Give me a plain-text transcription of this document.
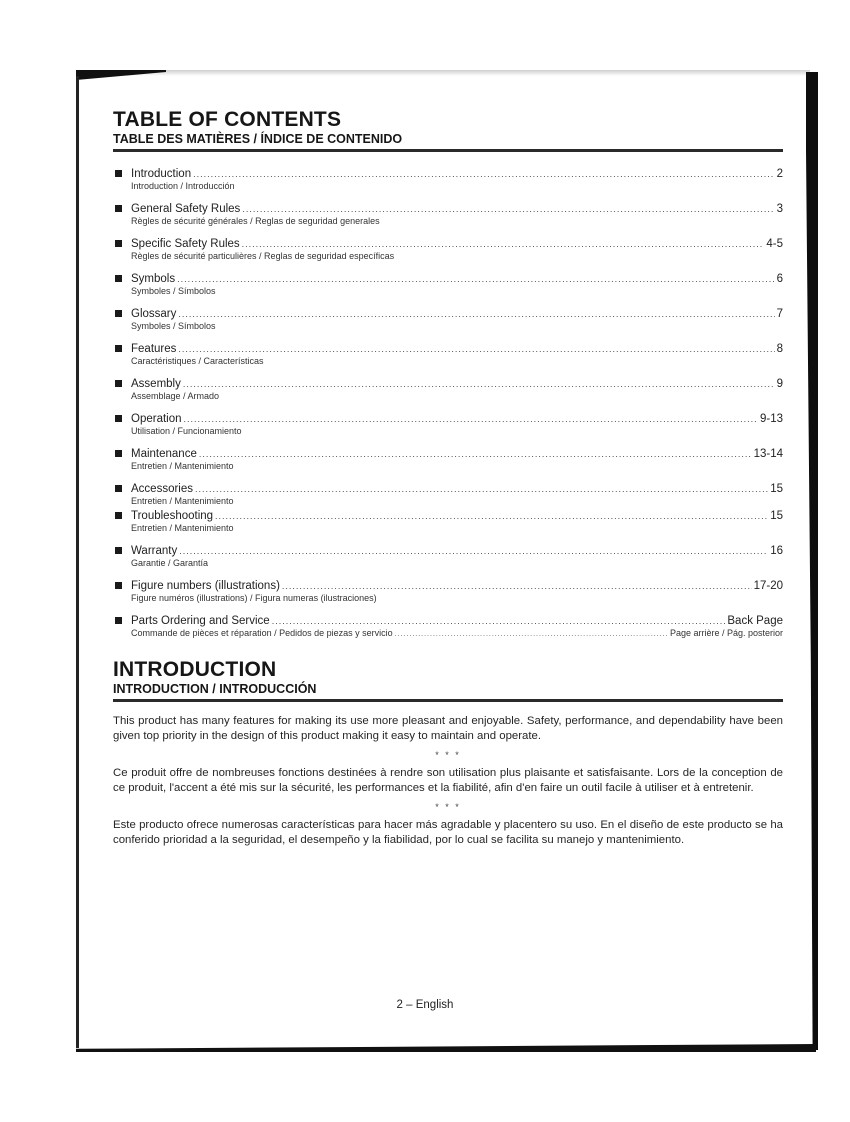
TABLE OF CONTENTS
TABLE DES MATIÈRES / ÍNDICE DE CONTENIDO
Introduction .....	2
Introduction / Introducción
General Safety Rules .....	3
Règles de sécurité générales / Reglas de seguridad generales
Specific Safety Rules .....	4-5
Règles de sécurité particulières / Reglas de seguridad específicas
Symbols .....	6
Symboles / Símbolos
Glossary .....	7
Symboles / Símbolos
Features .....	8
Caractéristiques / Características
Assembly .....	9
Assemblage / Armado
Operation .....	9-13
Utilisation / Funcionamiento
Maintenance .....	13-14
Entretien / Mantenimiento
Accessories .....	15
Entretien / Mantenimiento
Troubleshooting .....	15
Entretien / Mantenimiento
Warranty .....	16
Garantie / Garantía
Figure numbers (illustrations) .....	17-20
Figure numéros (illustrations) / Figura numeras (ilustraciones)
Parts Ordering and Service .....	Back Page
Commande de pièces et réparation / Pedidos de piezas y servicio .....	Page arrière / Pág. posterior
INTRODUCTION
INTRODUCTION / INTRODUCCIÓN

This product has many features for making its use more pleasant and enjoyable. Safety, performance, and dependability have been given top priority in the design of this product making it easy to maintain and operate.

* * *

Ce produit offre de nombreuses fonctions destinées à rendre son utilisation plus plaisante et satisfaisante. Lors de la conception de ce produit, l'accent a été mis sur la sécurité, les performances et la fiabilité, afin d'en faire un outil facile à utiliser et à entretenir.

* * *

Este producto ofrece numerosas características para hacer más agradable y placentero su uso. En el diseño de este producto se ha conferido prioridad a la seguridad, el desempeño y la fiabilidad, por lo cual se facilita su manejo y mantenimiento.

2 – English
